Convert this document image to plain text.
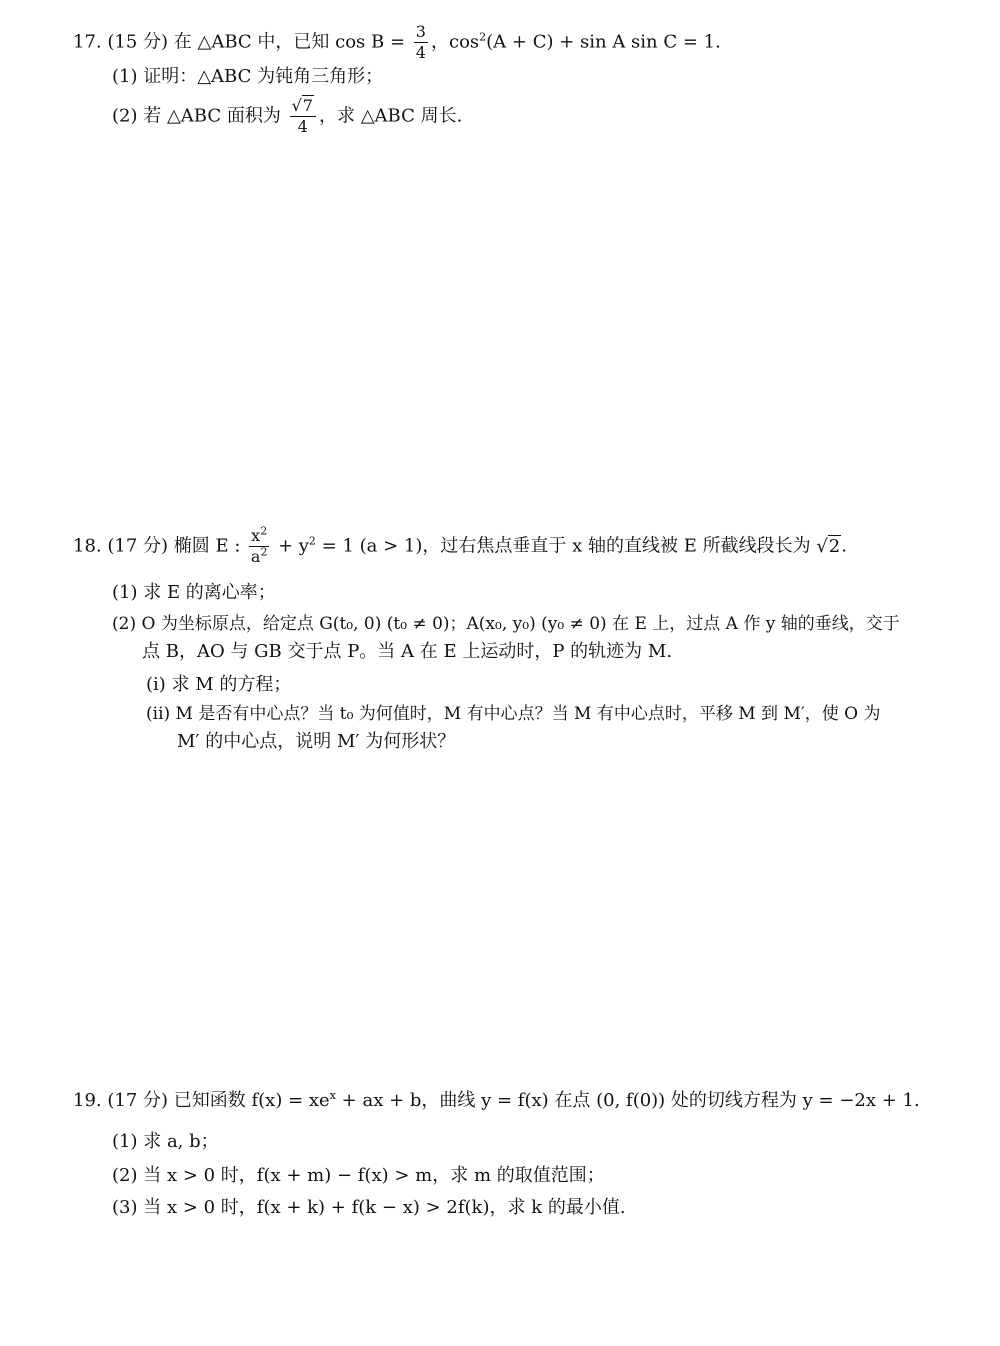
17. (15 分) 在 △ABC 中，已知 $\cos B = \frac{3}{4}$ ，$\cos^2(A + C) + \sin A$ sin C = 1.
(1) 证明：△ABC 为钝角三角形；
(2) 若 △ABC 面积为 $\frac{√7}{4}$ ，求 △ABC 周长.
18. (17 分) 椭圆 E : $\frac{x^2}{a^2} + y^2 = 1$ (a > 1)，过右焦点垂直于 x 轴的直线被 E 所截线段长为 √2.
(1) 求 E 的离心率；
(2) O 为坐标原点，给定点 G(t₀, 0) (t₀ ≠ 0)；A(x₀, y₀) (y₀ ≠ 0) 在 E 上，过点 A 作 y 轴的垂线，交于
点 B，AO 与 GB 交于点 P。当 A 在 E 上运动时，P 的轨迹为 M.
(i) 求 M 的方程；
(ii) M 是否有中心点？当 t₀ 为何值时，M 有中心点？当 M 有中心点时，平移 M 到 M′，使 O 为
M′ 的中心点，说明 M′ 为何形状？
19. (17 分) 已知函数 $f(x) = xe^x$ + ax + b，曲线 y = f(x) 在点 (0, f(0)) 处的切线方程为 y = −2x + 1.
(1) 求 a, b；
(2) 当 x > 0 时，f(x + m) − f(x) > m，求 m 的取值范围；
(3) 当 x > 0 时，f(x + k) + f(k − x) > 2f(k)，求 k 的最小值.
